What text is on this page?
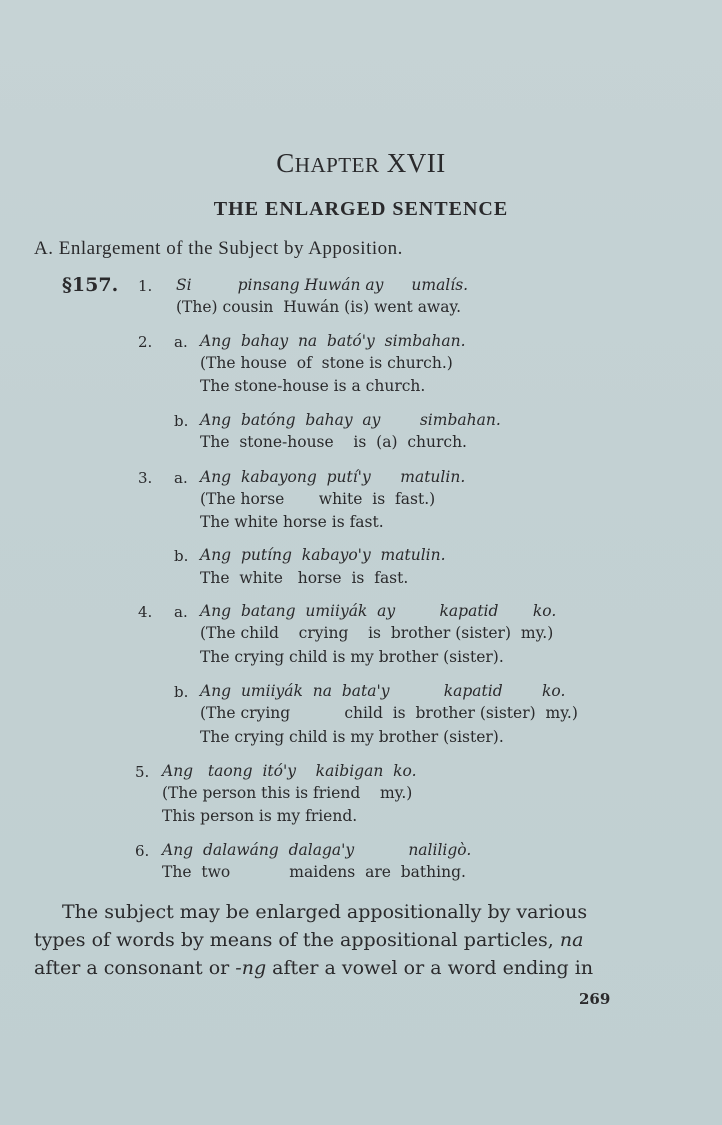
CHAPTER XVII
THE ENLARGED SENTENCE
A. Enlargement of the Subject by Apposition.
§157. 1. Si	pinsang Huwán ay umalís.
(The) cousin  Huwán (is) went away.
2. a. Ang  bahay  na  bató'y  simbahan.
(The house  of  stone is church.)
The stone-house is a church.
b. Ang  batóng  bahay  ay        simbahan.
The  stone-house    is  (a)  church.
3. a. Ang  kabayong  putí'y      matulin.
(The horse       white  is  fast.)
The white horse is fast.
b. Ang  putíng  kabayo'y  matulin.
The  white   horse  is  fast.
4. a. Ang  batang  umiiyák  ay         kapatid       ko.
(The child    crying    is  brother (sister)  my.)
The crying child is my brother (sister).
b. Ang  umiiyák  na  bata'y           kapatid        ko.
(The crying           child  is  brother (sister)  my.)
The crying child is my brother (sister).
5. Ang   taong  itó'y    kaibigan  ko.
(The person this is friend    my.)
This person is my friend.
6. Ang  dalawáng  dalaga'y           naliligò.
The  two            maidens  are  bathing.
The subject may be enlarged appositionally by various
types of words by means of the appositional particles, na
after a consonant or -ng after a vowel or a word ending in
269
